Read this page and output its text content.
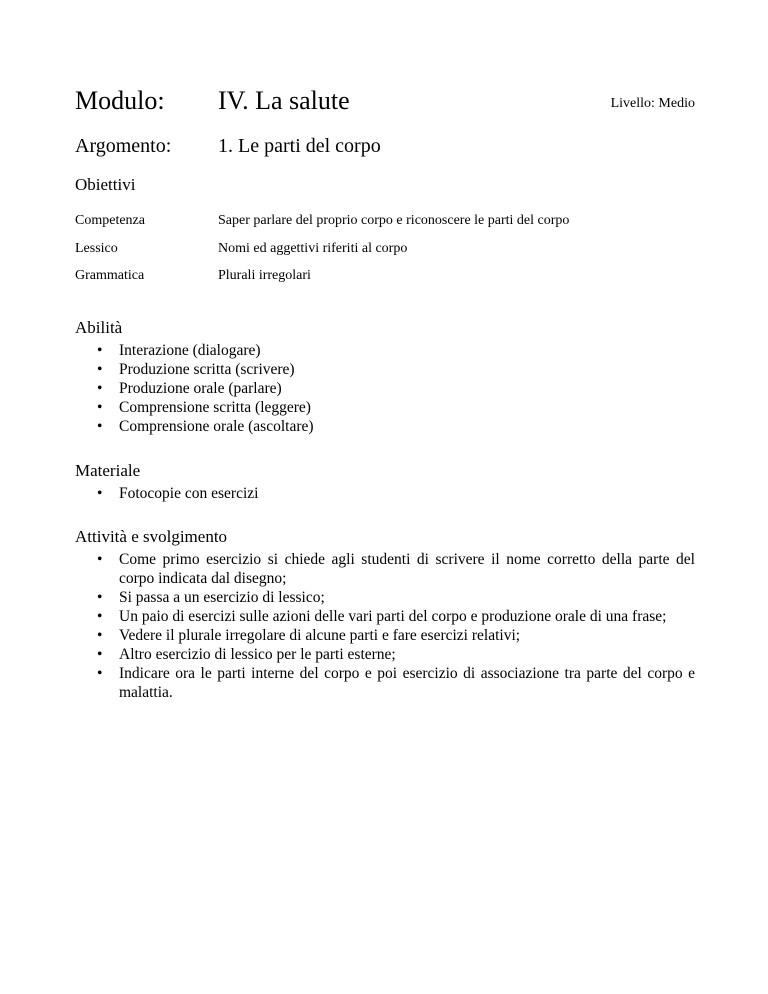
Modulo: IV. La salute	Livello: Medio
Argomento: 1. Le parti del corpo
Obiettivi
Competenza	Saper parlare del proprio corpo e riconoscere le parti del corpo
Lessico	Nomi ed aggettivi riferiti al corpo
Grammatica	Plurali irregolari
Abilità
• Interazione (dialogare)
• Produzione scritta (scrivere)
• Produzione orale (parlare)
• Comprensione scritta (leggere)
• Comprensione orale (ascoltare)
Materiale
• Fotocopie con esercizi
Attività e svolgimento
• Come primo esercizio si chiede agli studenti di scrivere il nome corretto della parte del corpo indicata dal disegno;
• Si passa a un esercizio di lessico;
• Un paio di esercizi sulle azioni delle vari parti del corpo e produzione orale di una frase;
• Vedere il plurale irregolare di alcune parti e fare esercizi relativi;
• Altro esercizio di lessico per le parti esterne;
• Indicare ora le parti interne del corpo e poi esercizio di associazione tra parte del corpo e malattia.
